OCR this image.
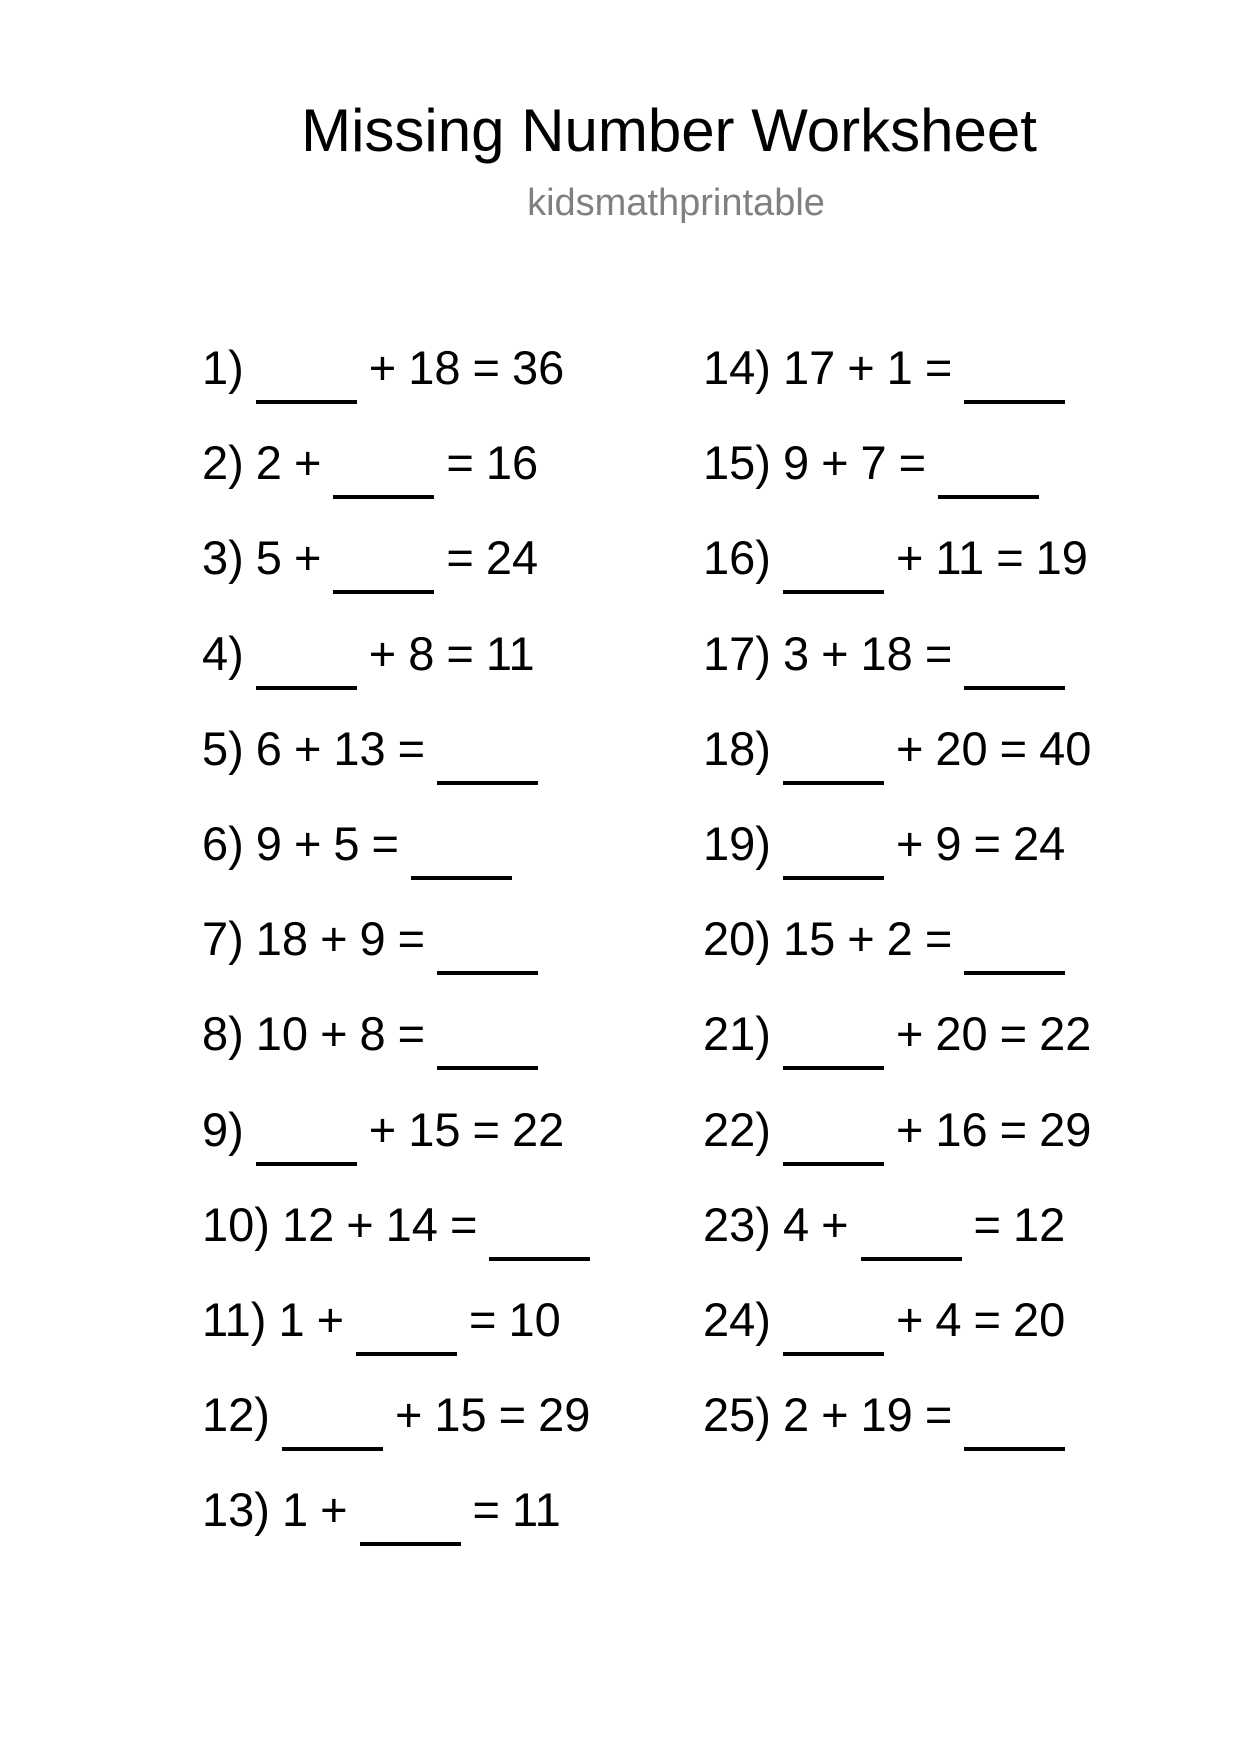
Missing Number Worksheet
kidsmathprintable
1)
	+ 18 = 36
2) 2 +
	= 16
3) 5 +
	= 24
4)
	+ 8 = 11
5) 6 + 13 =

6) 9 + 5 =

7) 18 + 9 =

8) 10 + 8 =

9)
	+ 15 = 22
10) 12 + 14 =

11) 1 +
	= 10
12)
	+ 15 = 29
13) 1 +
	= 11
14) 17 + 1 =

15) 9 + 7 =

16)
	+ 11 = 19
17) 3 + 18 =

18)
	+ 20 = 40
19)
	+ 9 = 24
20) 15 + 2 =

21)
	+ 20 = 22
22)
	+ 16 = 29
23) 4 +
	= 12
24)
	+ 4 = 20
25) 2 + 19 =
